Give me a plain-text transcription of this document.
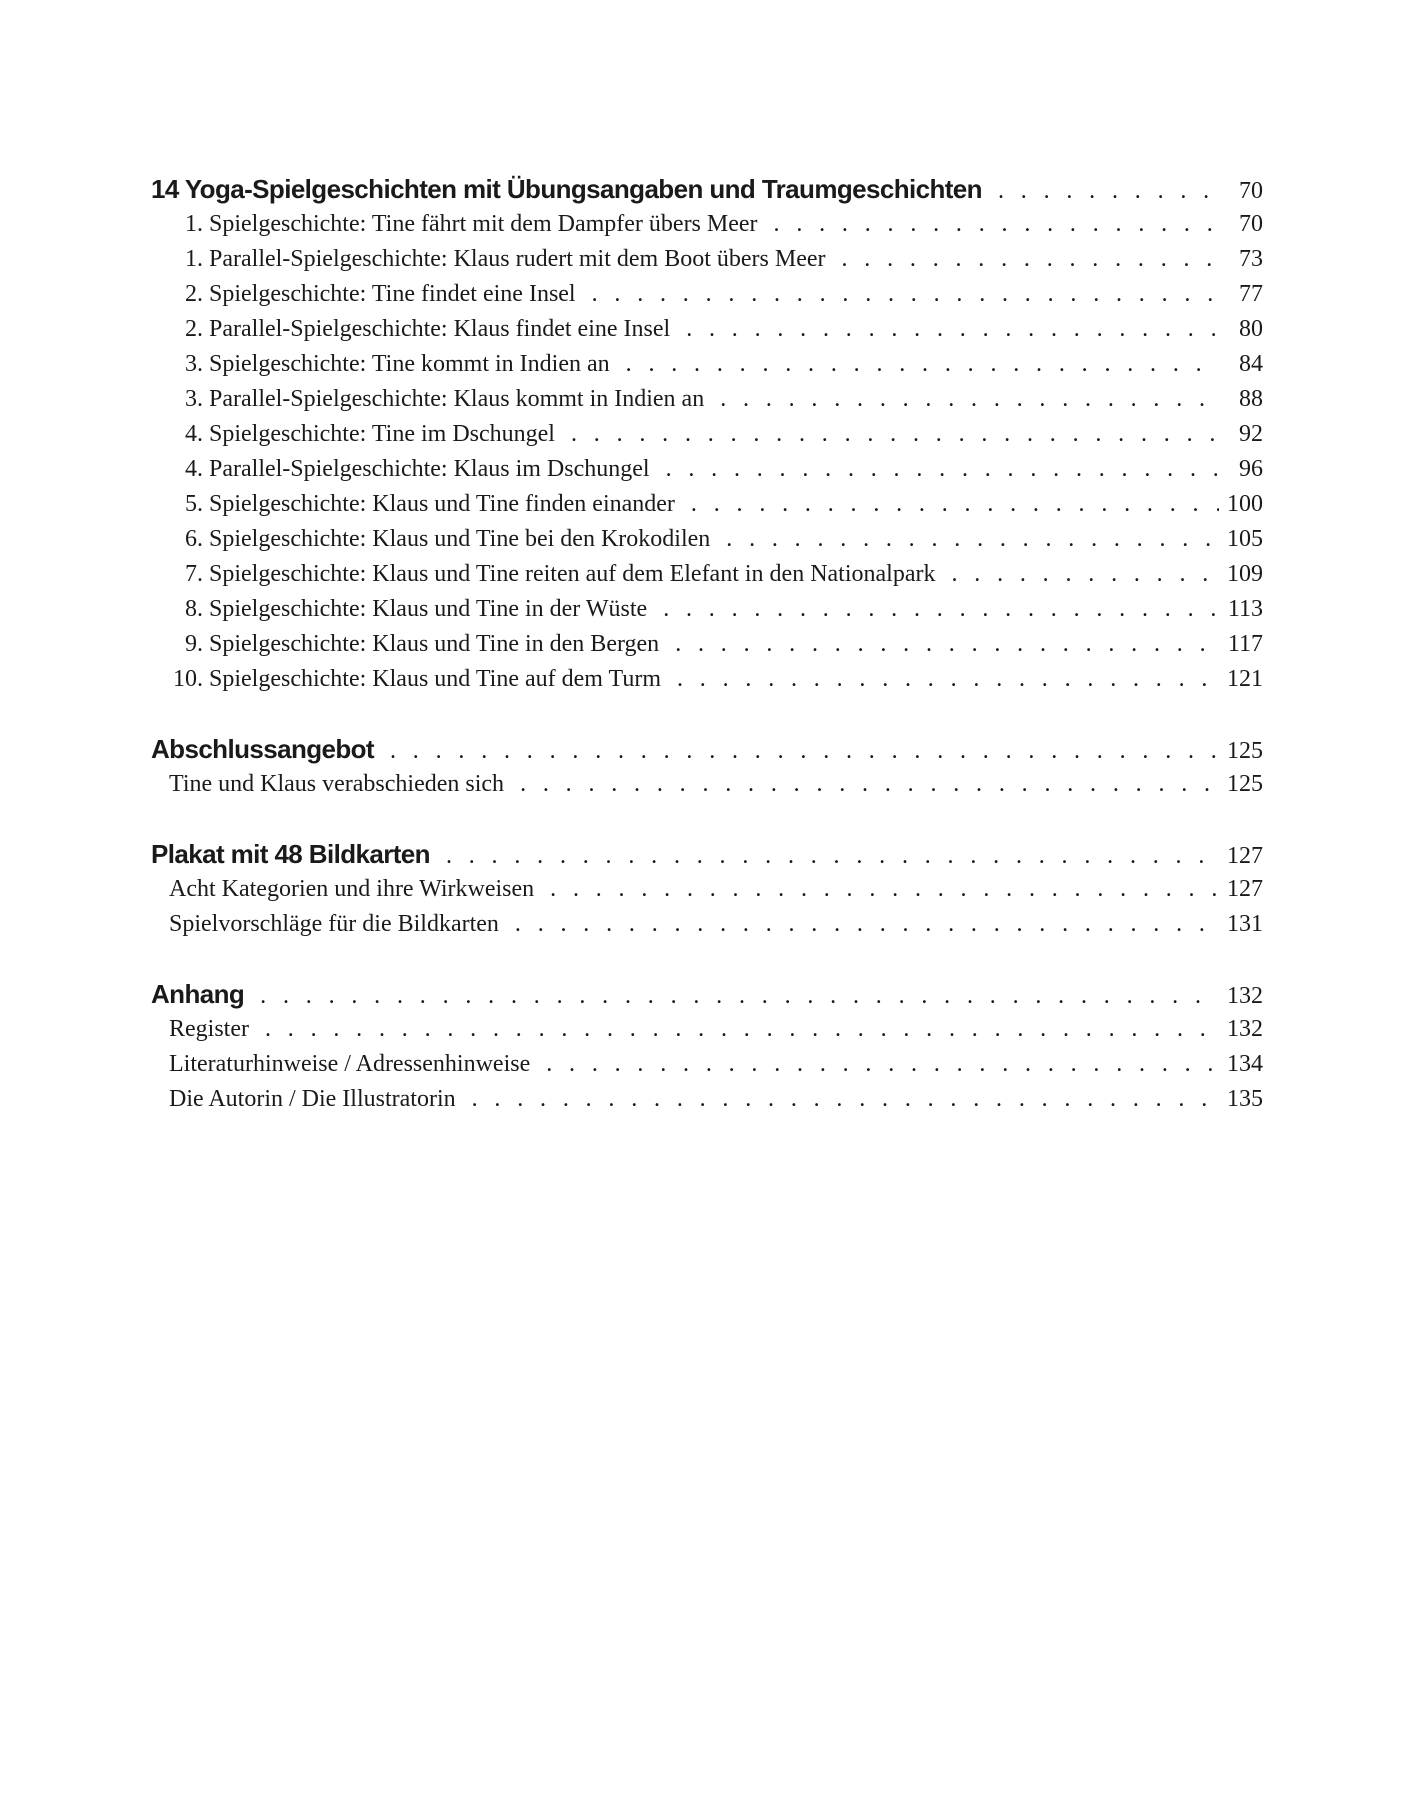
14 Yoga-Spielgeschichten mit Übungsangaben und Traumgeschichten . . .	70
1. Spielgeschichte: Tine fährt mit dem Dampfer übers Meer . . .	70
1. Parallel-Spielgeschichte: Klaus rudert mit dem Boot übers Meer . . .	73
2. Spielgeschichte: Tine findet eine Insel . . .	77
2. Parallel-Spielgeschichte: Klaus findet eine Insel . . .	80
3. Spielgeschichte: Tine kommt in Indien an . . .	84
3. Parallel-Spielgeschichte: Klaus kommt in Indien an . . .	88
4. Spielgeschichte: Tine im Dschungel . . .	92
4. Parallel-Spielgeschichte: Klaus im Dschungel . . .	96
5. Spielgeschichte: Klaus und Tine finden einander . . .	100
6. Spielgeschichte: Klaus und Tine bei den Krokodilen . . .	105
7. Spielgeschichte: Klaus und Tine reiten auf dem Elefant in den Nationalpark . . .	109
8. Spielgeschichte: Klaus und Tine in der Wüste . . .	113
9. Spielgeschichte: Klaus und Tine in den Bergen . . .	117
10. Spielgeschichte: Klaus und Tine auf dem Turm . . .	121
Abschlussangebot . . .	125
Tine und Klaus verabschieden sich . . .	125
Plakat mit 48 Bildkarten . . .	127
Acht Kategorien und ihre Wirkweisen . . .	127
Spielvorschläge für die Bildkarten . . .	131
Anhang . . .	132
Register . . .	132
Literaturhinweise / Adressenhinweise . . .	134
Die Autorin / Die Illustratorin . . .	135
